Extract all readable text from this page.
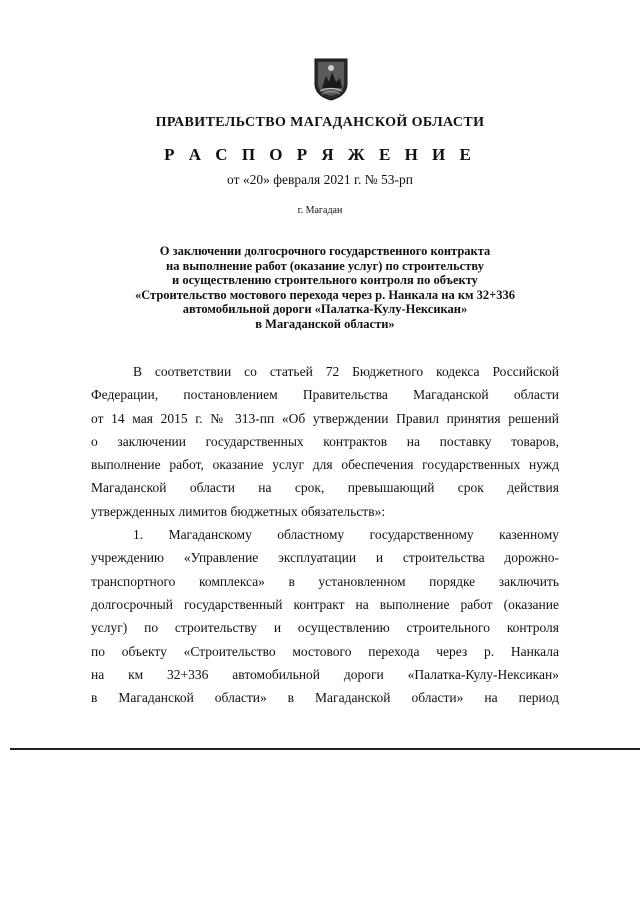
ПРАВИТЕЛЬСТВО МАГАДАНСКОЙ ОБЛАСТИ
Р А С П О Р Я Ж Е Н И Е
от «20» февраля 2021 г. № 53-рп
г. Магадан
О заключении долгосрочного государственного контракта
на выполнение работ (оказание услуг) по строительству
и осуществлению строительного контроля по объекту
«Строительство мостового перехода через р. Нанкала на км 32+336
автомобильной дороги «Палатка-Кулу-Нексикан»
в Магаданской области»
В соответствии со статьей 72 Бюджетного кодекса Российской
Федерации, постановлением Правительства Магаданской области
от 14 мая 2015 г. № 313-пп «Об утверждении Правил принятия решений
о заключении государственных контрактов на поставку товаров,
выполнение работ, оказание услуг для обеспечения государственных нужд
Магаданской области на срок, превышающий срок действия
утвержденных лимитов бюджетных обязательств»:
1. Магаданскому областному государственному казенному
учреждению «Управление эксплуатации и строительства дорожно-
транспортного комплекса» в установленном порядке заключить
долгосрочный государственный контракт на выполнение работ (оказание
услуг) по строительству и осуществлению строительного контроля
по объекту «Строительство мостового перехода через р. Нанкала
на км 32+336 автомобильной дороги «Палатка-Кулу-Нексикан»
в Магаданской области» в Магаданской области» на период
